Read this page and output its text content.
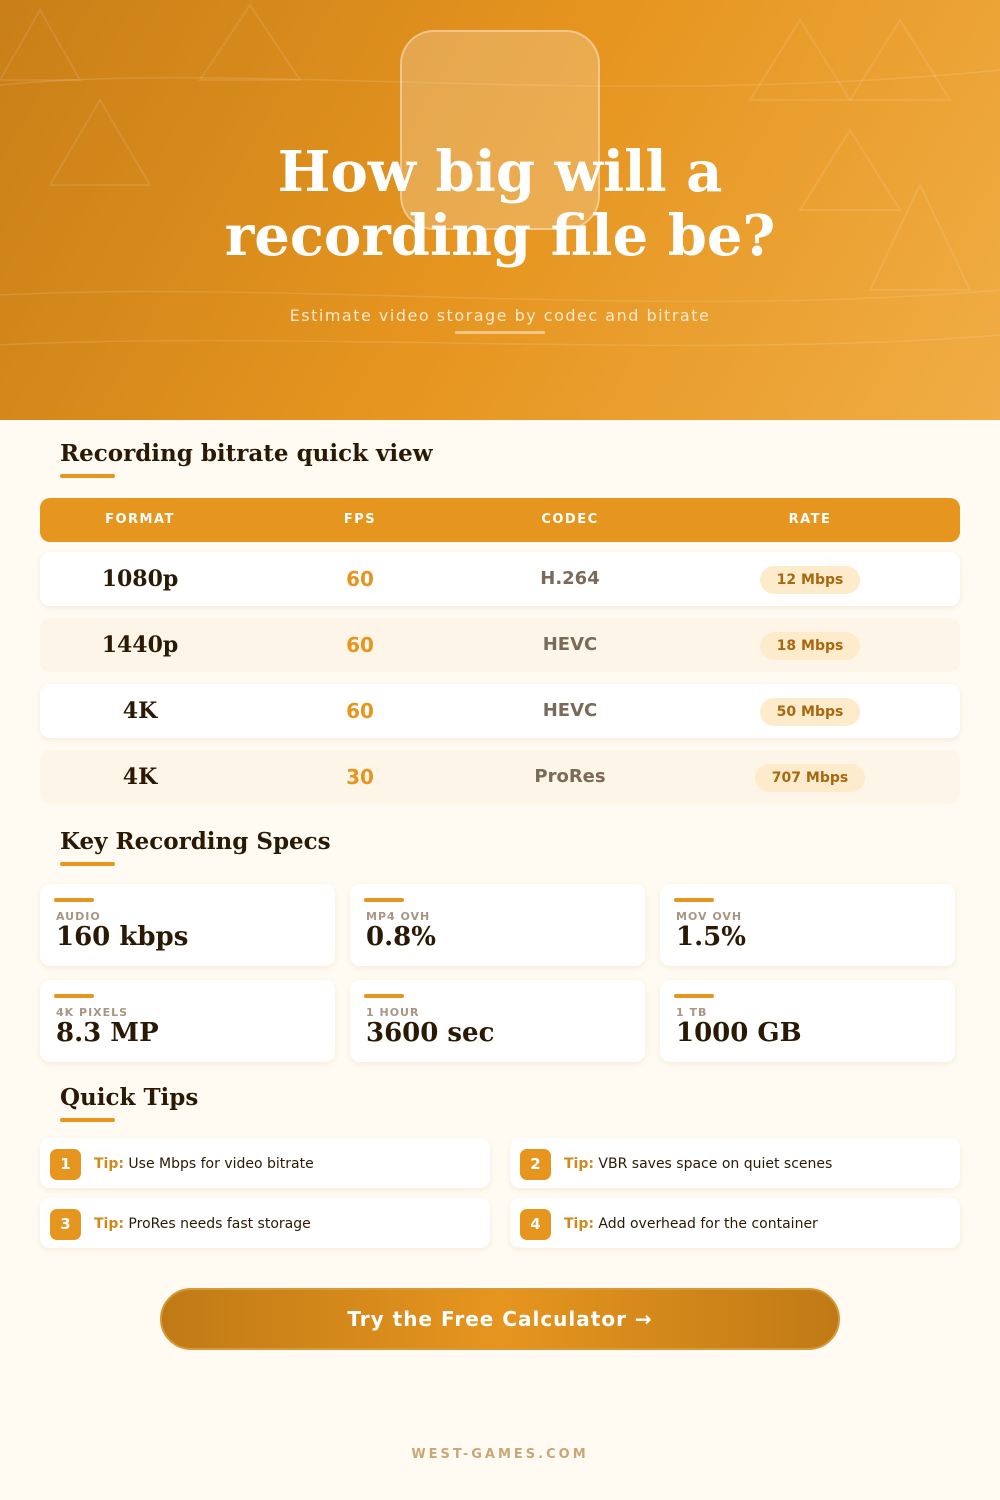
How big will a
recording file be?
Estimate video storage by codec and bitrate
Recording bitrate quick view
FORMAT	FPS	CODEC	RATE
1080p	60	H.264	12 Mbps
1440p	60	HEVC	18 Mbps
4K	60	HEVC	50 Mbps
4K	30	ProRes	707 Mbps
Key Recording Specs
AUDIO
160 kbps
MP4 OVH
0.8%
MOV OVH
1.5%
4K PIXELS
8.3 MP
1 HOUR
3600 sec
1 TB
1000 GB
Quick Tips
1	Tip: Use Mbps for video bitrate	2	Tip: VBR saves space on quiet scenes
3	Tip: ProRes needs fast storage	4	Tip: Add overhead for the container
Try the Free Calculator →
WEST-GAMES.COM
